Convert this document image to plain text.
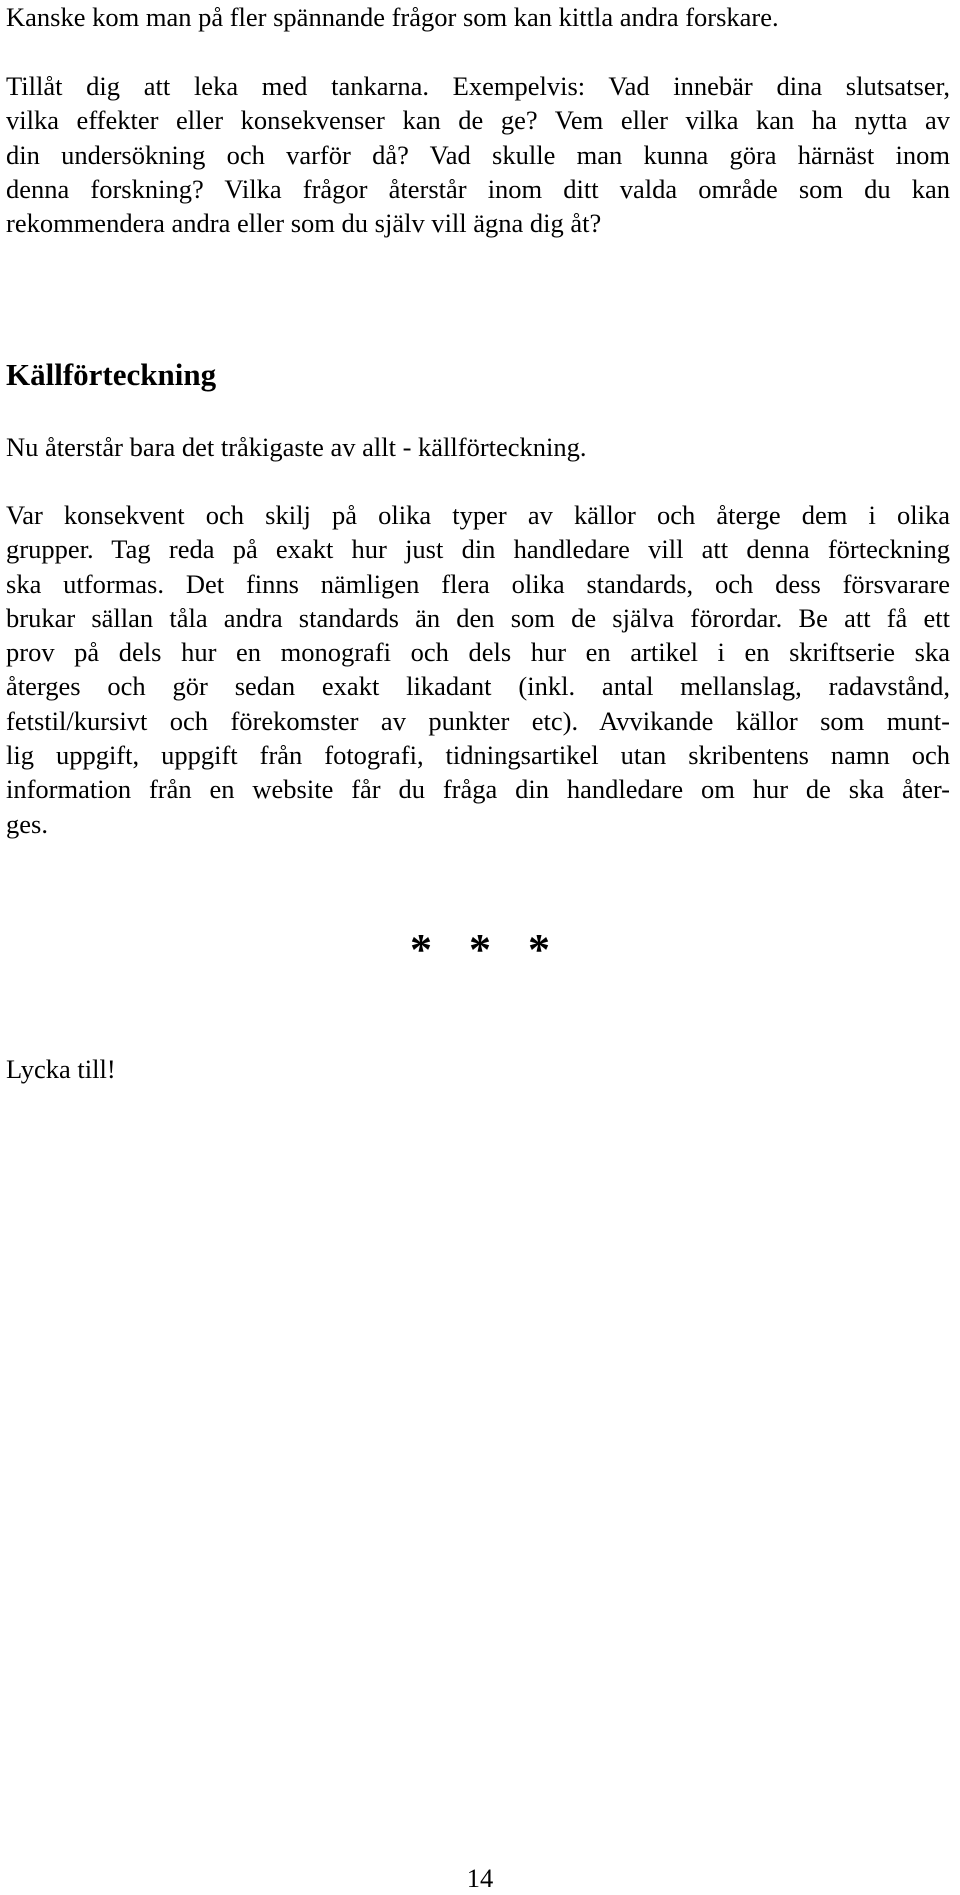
Kanske kom man på fler spännande frågor som kan kittla andra forskare.
Tillåt dig att leka med tankarna. Exempelvis: Vad innebär dina slutsatser,
vilka effekter eller konsekvenser kan de ge? Vem eller vilka kan ha nytta av
din undersökning och varför då? Vad skulle man kunna göra härnäst inom
denna forskning? Vilka frågor återstår inom ditt valda område som du kan
rekommendera andra eller som du själv vill ägna dig åt?
Källförteckning
Nu återstår bara det tråkigaste av allt - källförteckning.
Var konsekvent och skilj på olika typer av källor och återge dem i olika
grupper. Tag reda på exakt hur just din handledare vill att denna förteckning
ska utformas. Det finns nämligen flera olika standards, och dess försvarare
brukar sällan tåla andra standards än den som de själva förordar. Be att få ett
prov på dels hur en monografi och dels hur en artikel i en skriftserie ska
återges och gör sedan exakt likadant (inkl. antal mellanslag, radavstånd,
fetstil/kursivt och förekomster av punkter etc). Avvikande källor som munt-
lig uppgift, uppgift från fotografi, tidningsartikel utan skribentens namn och
information från en website får du fråga din handledare om hur de ska åter-
ges.
* * *
Lycka till!
14
